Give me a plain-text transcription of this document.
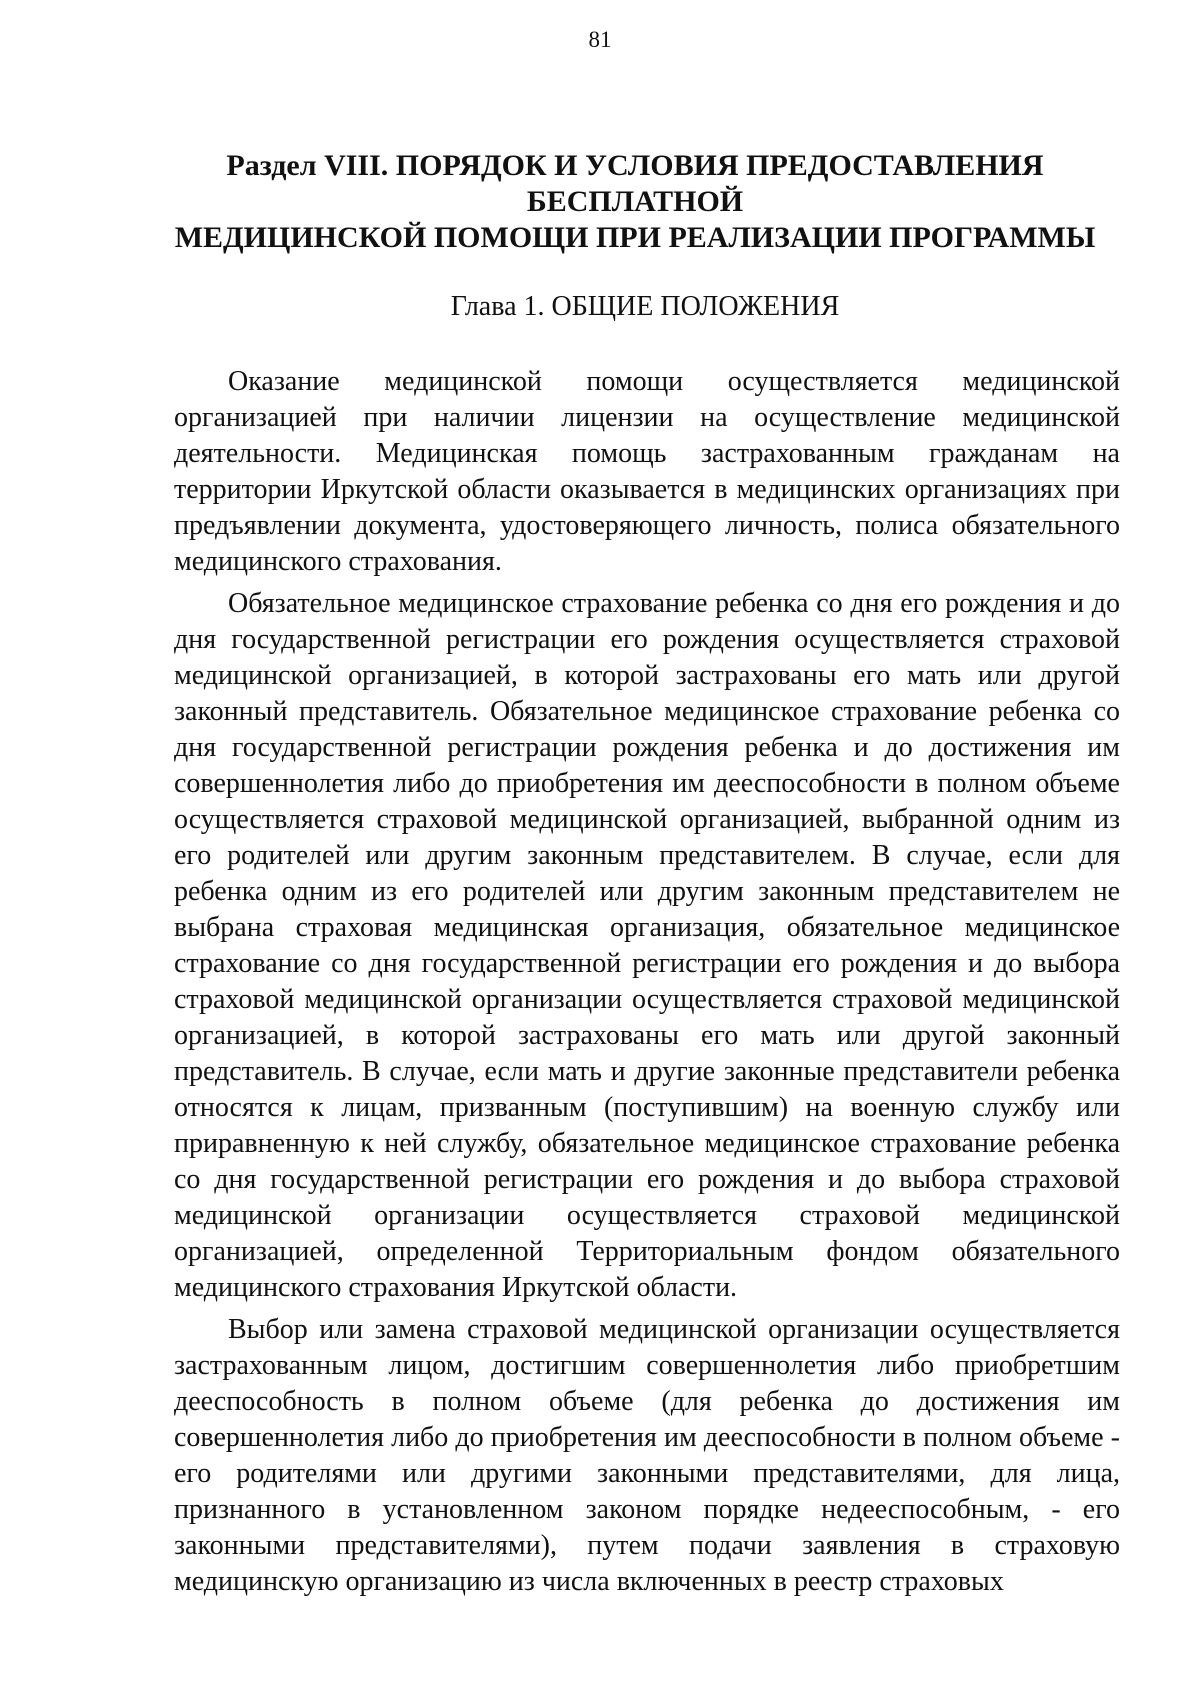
81
Раздел VIII. ПОРЯДОК И УСЛОВИЯ ПРЕДОСТАВЛЕНИЯ
БЕСПЛАТНОЙ
МЕДИЦИНСКОЙ ПОМОЩИ ПРИ РЕАЛИЗАЦИИ ПРОГРАММЫ
Глава 1. ОБЩИЕ ПОЛОЖЕНИЯ

Оказание медицинской помощи осуществляется медицинской организацией при наличии лицензии на осуществление медицинской деятельности. Медицинская помощь застрахованным гражданам на территории Иркутской области оказывается в медицинских организациях при предъявлении документа, удостоверяющего личность, полиса обязательного медицинского страхования.

Обязательное медицинское страхование ребенка со дня его рождения и до дня государственной регистрации его рождения осуществляется страховой медицинской организацией, в которой застрахованы его мать или другой законный представитель. Обязательное медицинское страхование ребенка со дня государственной регистрации рождения ребенка и до достижения им совершеннолетия либо до приобретения им дееспособности в полном объеме осуществляется страховой медицинской организацией, выбранной одним из его родителей или другим законным представителем. В случае, если для ребенка одним из его родителей или другим законным представителем не выбрана страховая медицинская организация, обязательное медицинское страхование со дня государственной регистрации его рождения и до выбора страховой медицинской организации осуществляется страховой медицинской организацией, в которой застрахованы его мать или другой законный представитель. В случае, если мать и другие законные представители ребенка относятся к лицам, призванным (поступившим) на военную службу или приравненную к ней службу, обязательное медицинское страхование ребенка со дня государственной регистрации его рождения и до выбора страховой медицинской организации осуществляется страховой медицинской организацией, определенной Территориальным фондом обязательного медицинского страхования Иркутской области.

Выбор или замена страховой медицинской организации осуществляется застрахованным лицом, достигшим совершеннолетия либо приобретшим дееспособность в полном объеме (для ребенка до достижения им совершеннолетия либо до приобретения им дееспособности в полном объеме - его родителями или другими законными представителями, для лица, признанного в установленном законом порядке недееспособным, - его законными представителями), путем подачи заявления в страховую медицинскую организацию из числа включенных в реестр страховых
